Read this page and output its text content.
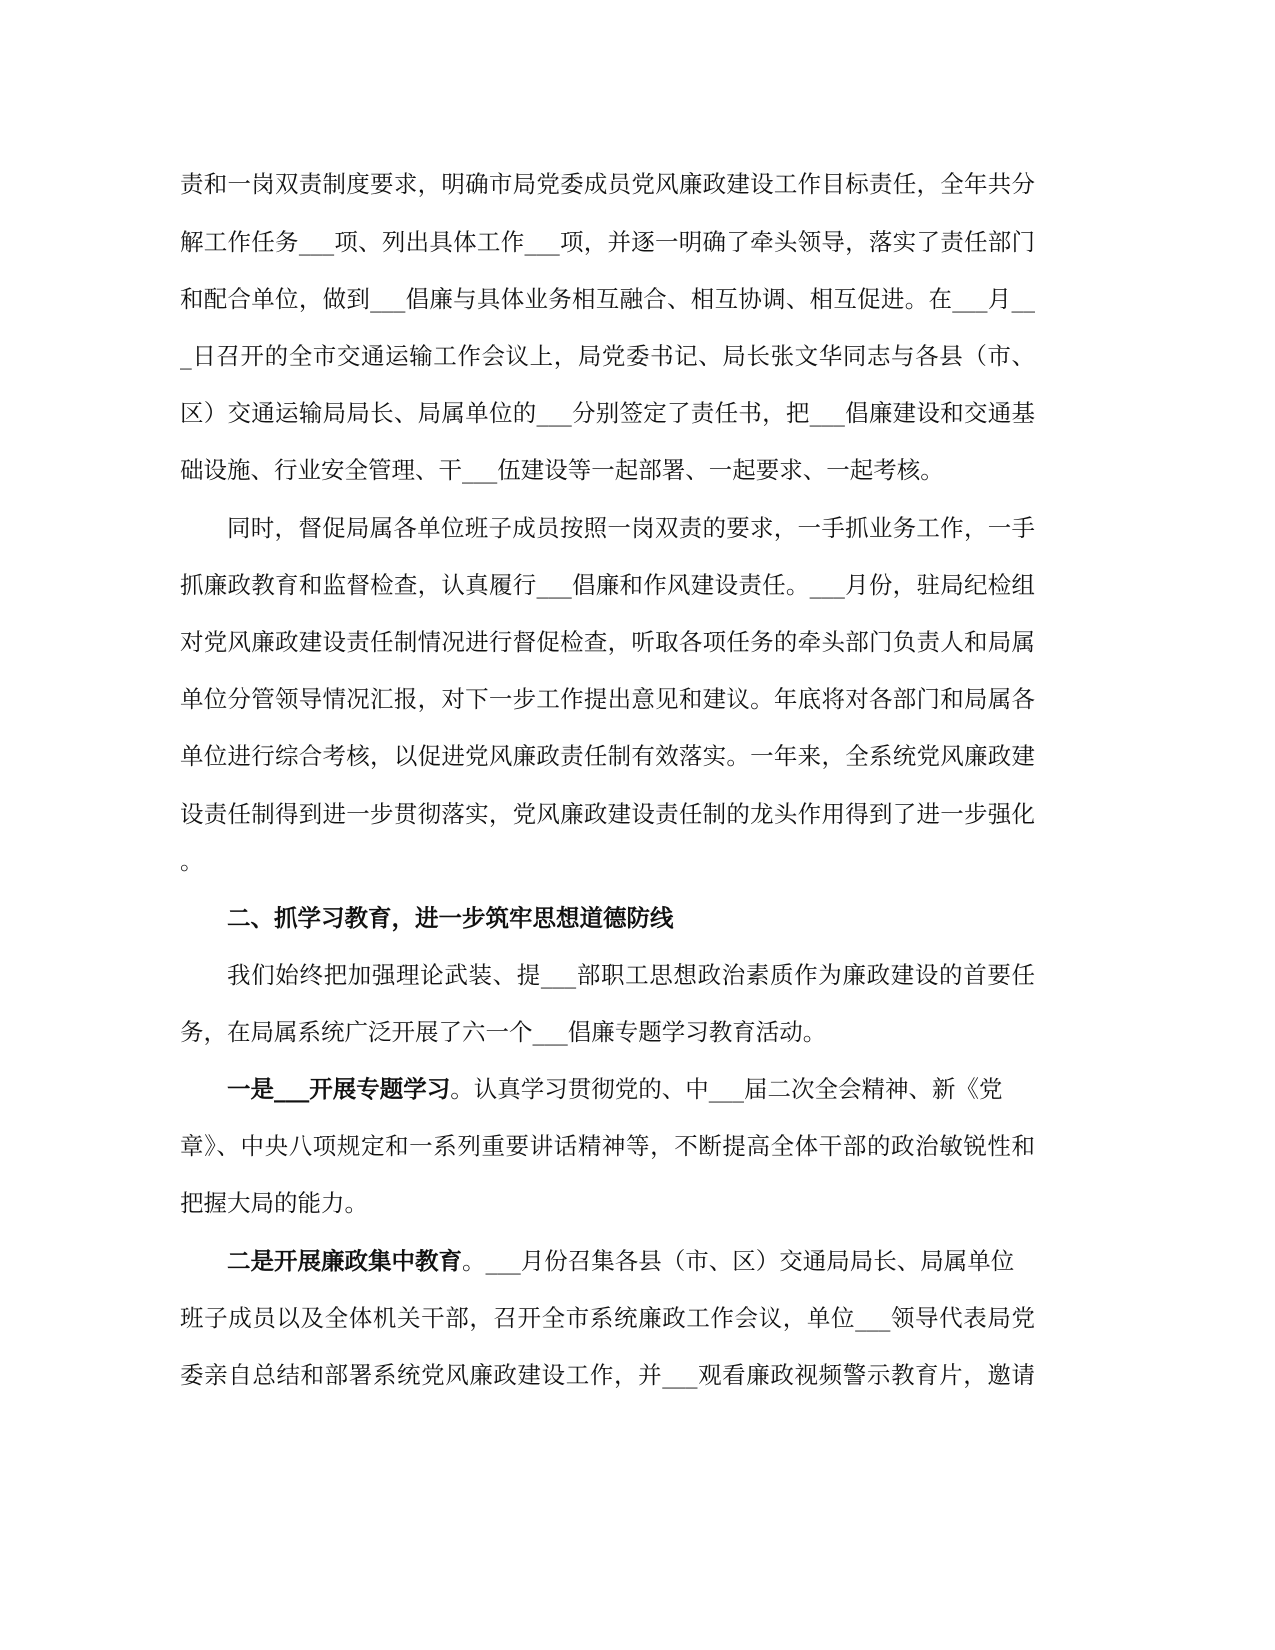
责和一岗双责制度要求，明确市局党委成员党风廉政建设工作目标责任，全年共分
解工作任务___项、列出具体工作___项，并逐一明确了牵头领导，落实了责任部门
和配合单位，做到___倡廉与具体业务相互融合、相互协调、相互促进。在___月__
_日召开的全市交通运输工作会议上，局党委书记、局长张文华同志与各县（市、
区）交通运输局局长、局属单位的___分别签定了责任书，把___倡廉建设和交通基
础设施、行业安全管理、干___伍建设等一起部署、一起要求、一起考核。
同时，督促局属各单位班子成员按照一岗双责的要求，一手抓业务工作，一手
抓廉政教育和监督检查，认真履行___倡廉和作风建设责任。___月份，驻局纪检组
对党风廉政建设责任制情况进行督促检查，听取各项任务的牵头部门负责人和局属
单位分管领导情况汇报，对下一步工作提出意见和建议。年底将对各部门和局属各
单位进行综合考核，以促进党风廉政责任制有效落实。一年来，全系统党风廉政建
设责任制得到进一步贯彻落实，党风廉政建设责任制的龙头作用得到了进一步强化
。
二、抓学习教育，进一步筑牢思想道德防线
我们始终把加强理论武装、提___部职工思想政治素质作为廉政建设的首要任
务，在局属系统广泛开展了六一个___倡廉专题学习教育活动。
一是___开展专题学习。认真学习贯彻党的、中___届二次全会精神、新《党
章》、中央八项规定和一系列重要讲话精神等，不断提高全体干部的政治敏锐性和
把握大局的能力。
二是开展廉政集中教育。___月份召集各县（市、区）交通局局长、局属单位
班子成员以及全体机关干部，召开全市系统廉政工作会议，单位___领导代表局党
委亲自总结和部署系统党风廉政建设工作，并___观看廉政视频警示教育片，邀请
